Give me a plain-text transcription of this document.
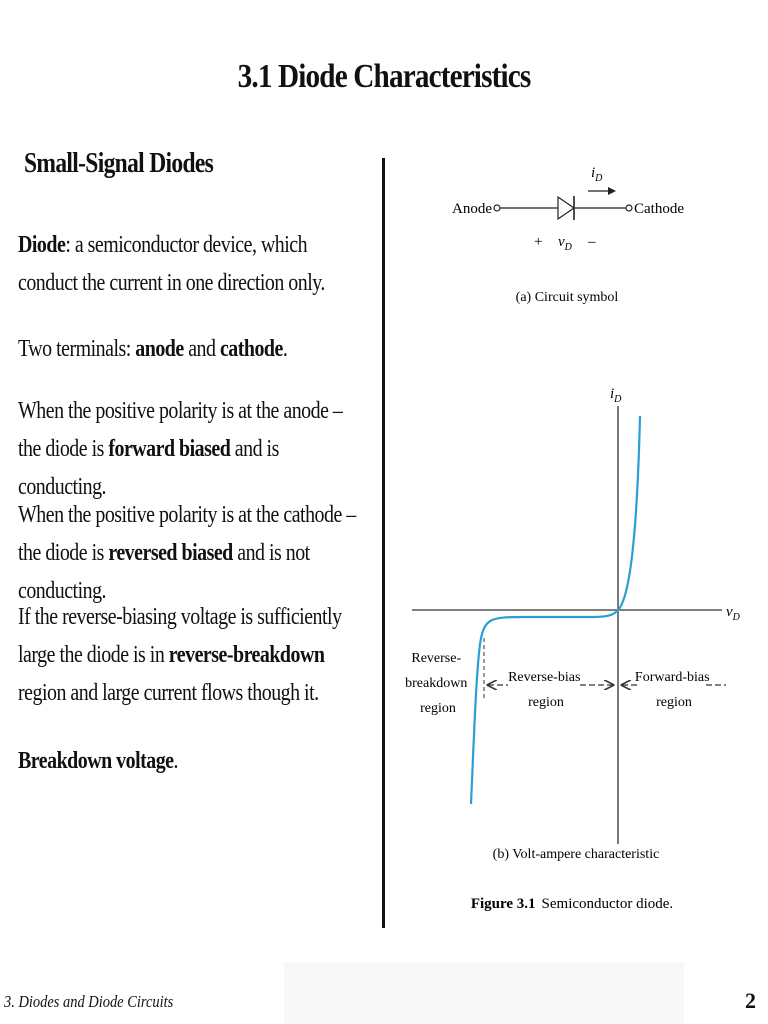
3.1 Diode Characteristics
Small-Signal Diodes
Diode: a semiconductor device, which conduct the current in one direction only.
Two terminals: anode and cathode.
When the positive polarity is at the anode – the diode is forward biased and is conducting.
When the positive polarity is at the cathode – the diode is reversed biased and is not conducting.
If the reverse-biasing voltage is sufficiently large the diode is in reverse-breakdown region and large current flows though it.
Breakdown voltage.
Anode	Cathode
$i_D$
+ $v_D$ –
(a) Circuit symbol
$i_D$
$v_D$
Reverse- breakdown region
Reverse-bias region
Forward-bias region
(b) Volt-ampere characteristic
Figure 3.1 Semiconductor diode.
3. Diodes and Diode Circuits	2
